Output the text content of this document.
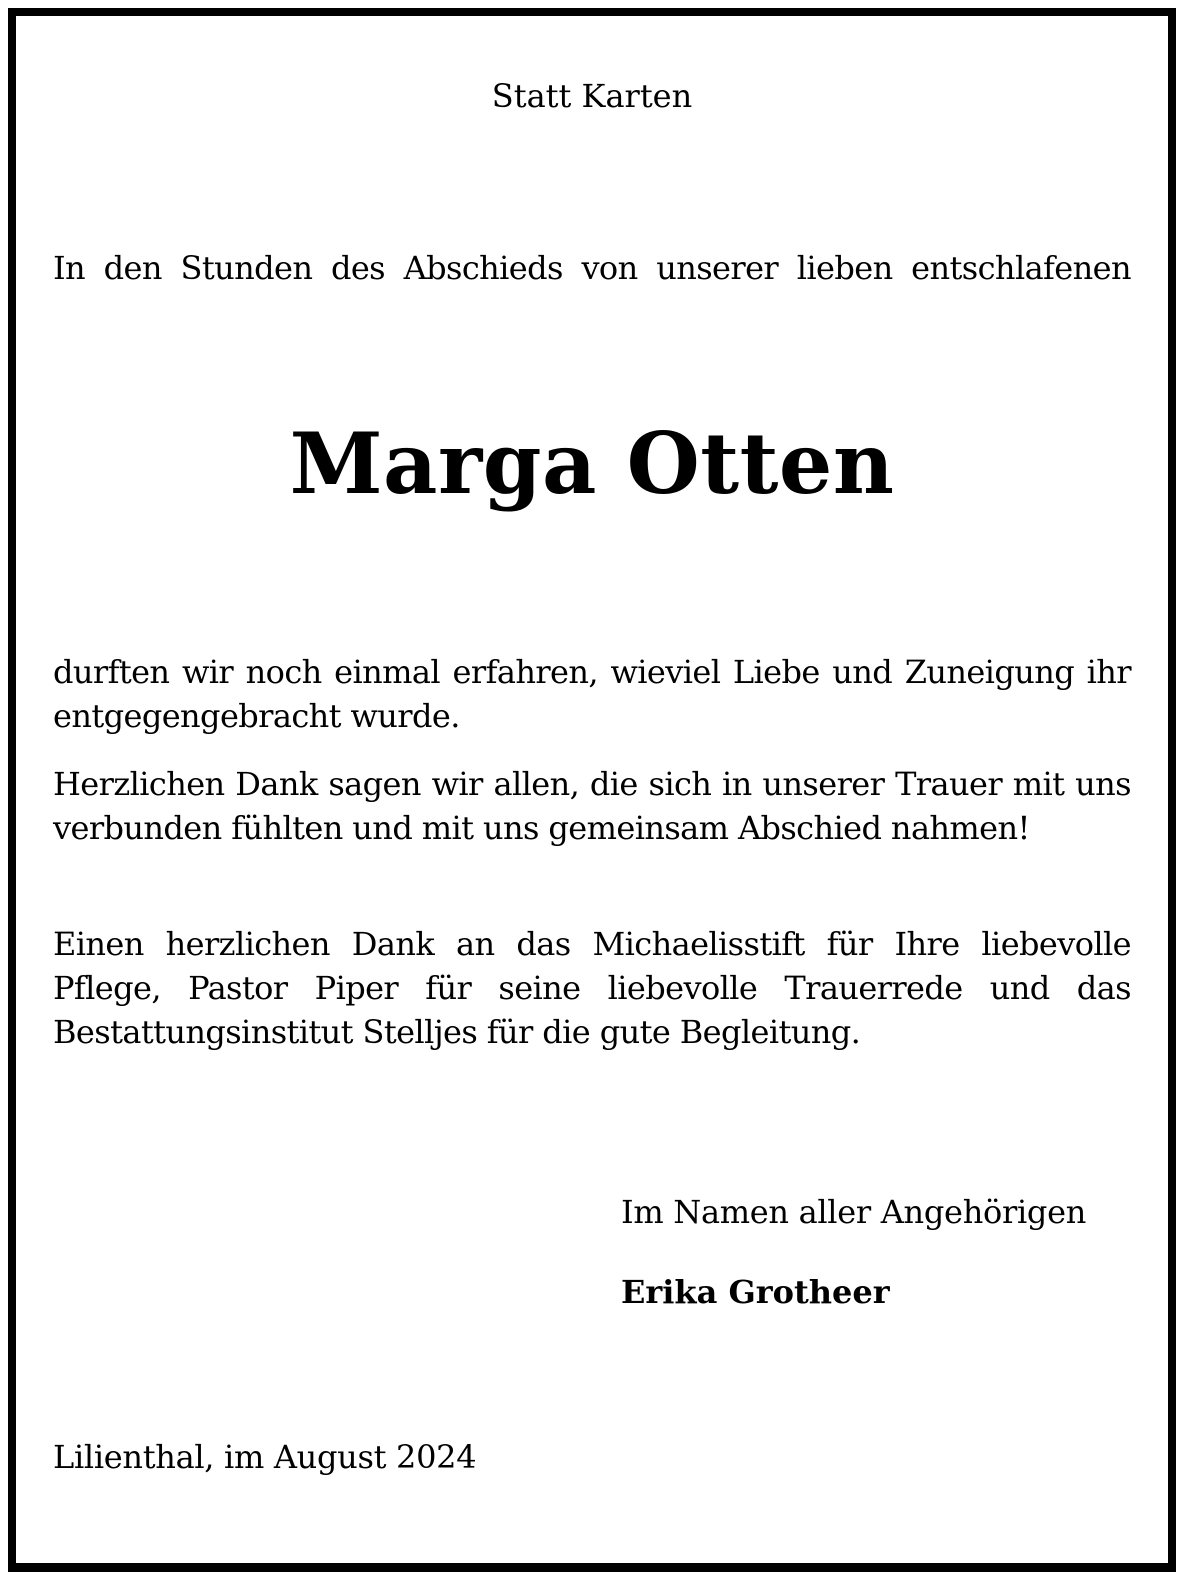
Statt Karten

In den Stunden des Abschieds von unserer lieben entschlafenen

Marga Otten

durften wir noch einmal erfahren, wieviel Liebe und Zuneigung ihr entgegengebracht wurde.

Herzlichen Dank sagen wir allen, die sich in unserer Trauer mit uns verbunden fühlten und mit uns gemeinsam Abschied nahmen!

Einen herzlichen Dank an das Michaelisstift für Ihre liebevolle Pflege, Pastor Piper für seine liebevolle Trauerrede und das Bestattungsinstitut Stelljes für die gute Begleitung.

Im Namen aller Angehörigen

Erika Grotheer

Lilienthal, im August 2024
